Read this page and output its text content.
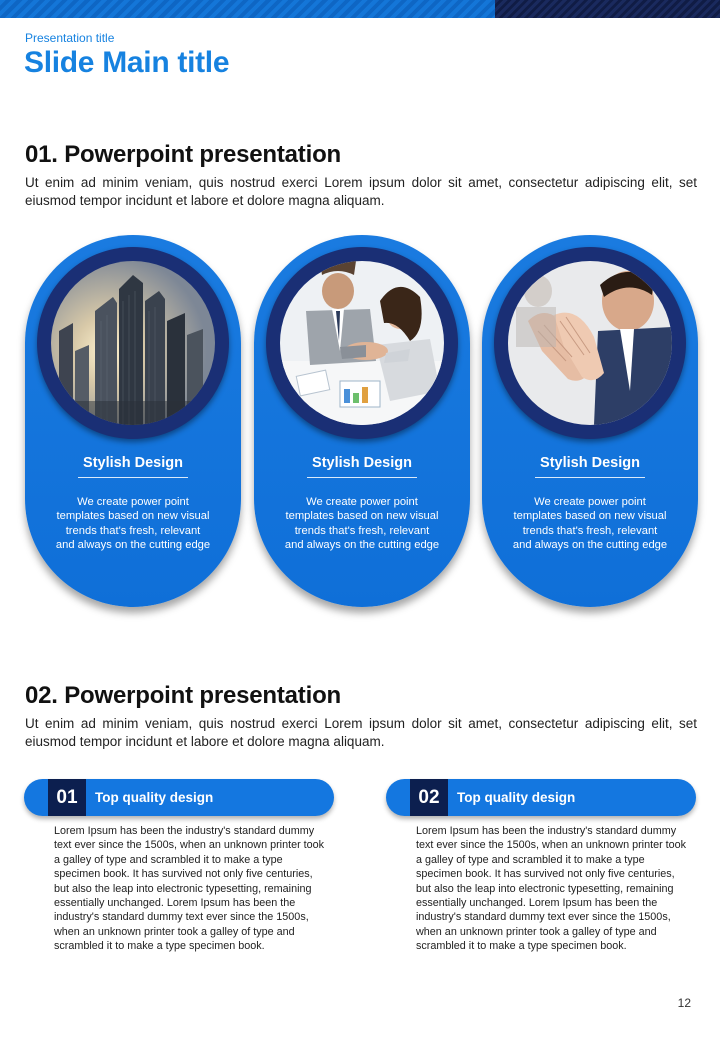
Presentation title
Slide Main title
01. Powerpoint presentation
Ut enim ad minim veniam, quis nostrud exerci Lorem ipsum dolor sit amet, consectetur adipiscing elit, set eiusmod tempor incidunt et labore et dolore magna aliquam.
Stylish Design
We create power point templates based on new visual trends that's fresh, relevant and always on the cutting edge
Stylish Design
We create power point templates based on new visual trends that's fresh, relevant and always on the cutting edge
Stylish Design
We create power point templates based on new visual trends that's fresh, relevant and always on the cutting edge
02. Powerpoint presentation
Ut enim ad minim veniam, quis nostrud exerci Lorem ipsum dolor sit amet, consectetur adipiscing elit, set eiusmod tempor incidunt et labore et dolore magna aliquam.
01	Top quality design
Lorem Ipsum has been the industry's standard dummy text ever since the 1500s, when an unknown printer took a galley of type and scrambled it to make a type specimen book. It has survived not only five centuries, but also the leap into electronic typesetting, remaining essentially unchanged. Lorem Ipsum has been the industry's standard dummy text ever since the 1500s, when an unknown printer took a galley of type and scrambled it to make a type specimen book.
02	Top quality design
Lorem Ipsum has been the industry's standard dummy text ever since the 1500s, when an unknown printer took a galley of type and scrambled it to make a type specimen book. It has survived not only five centuries, but also the leap into electronic typesetting, remaining essentially unchanged. Lorem Ipsum has been the industry's standard dummy text ever since the 1500s, when an unknown printer took a galley of type and scrambled it to make a type specimen book.
12
